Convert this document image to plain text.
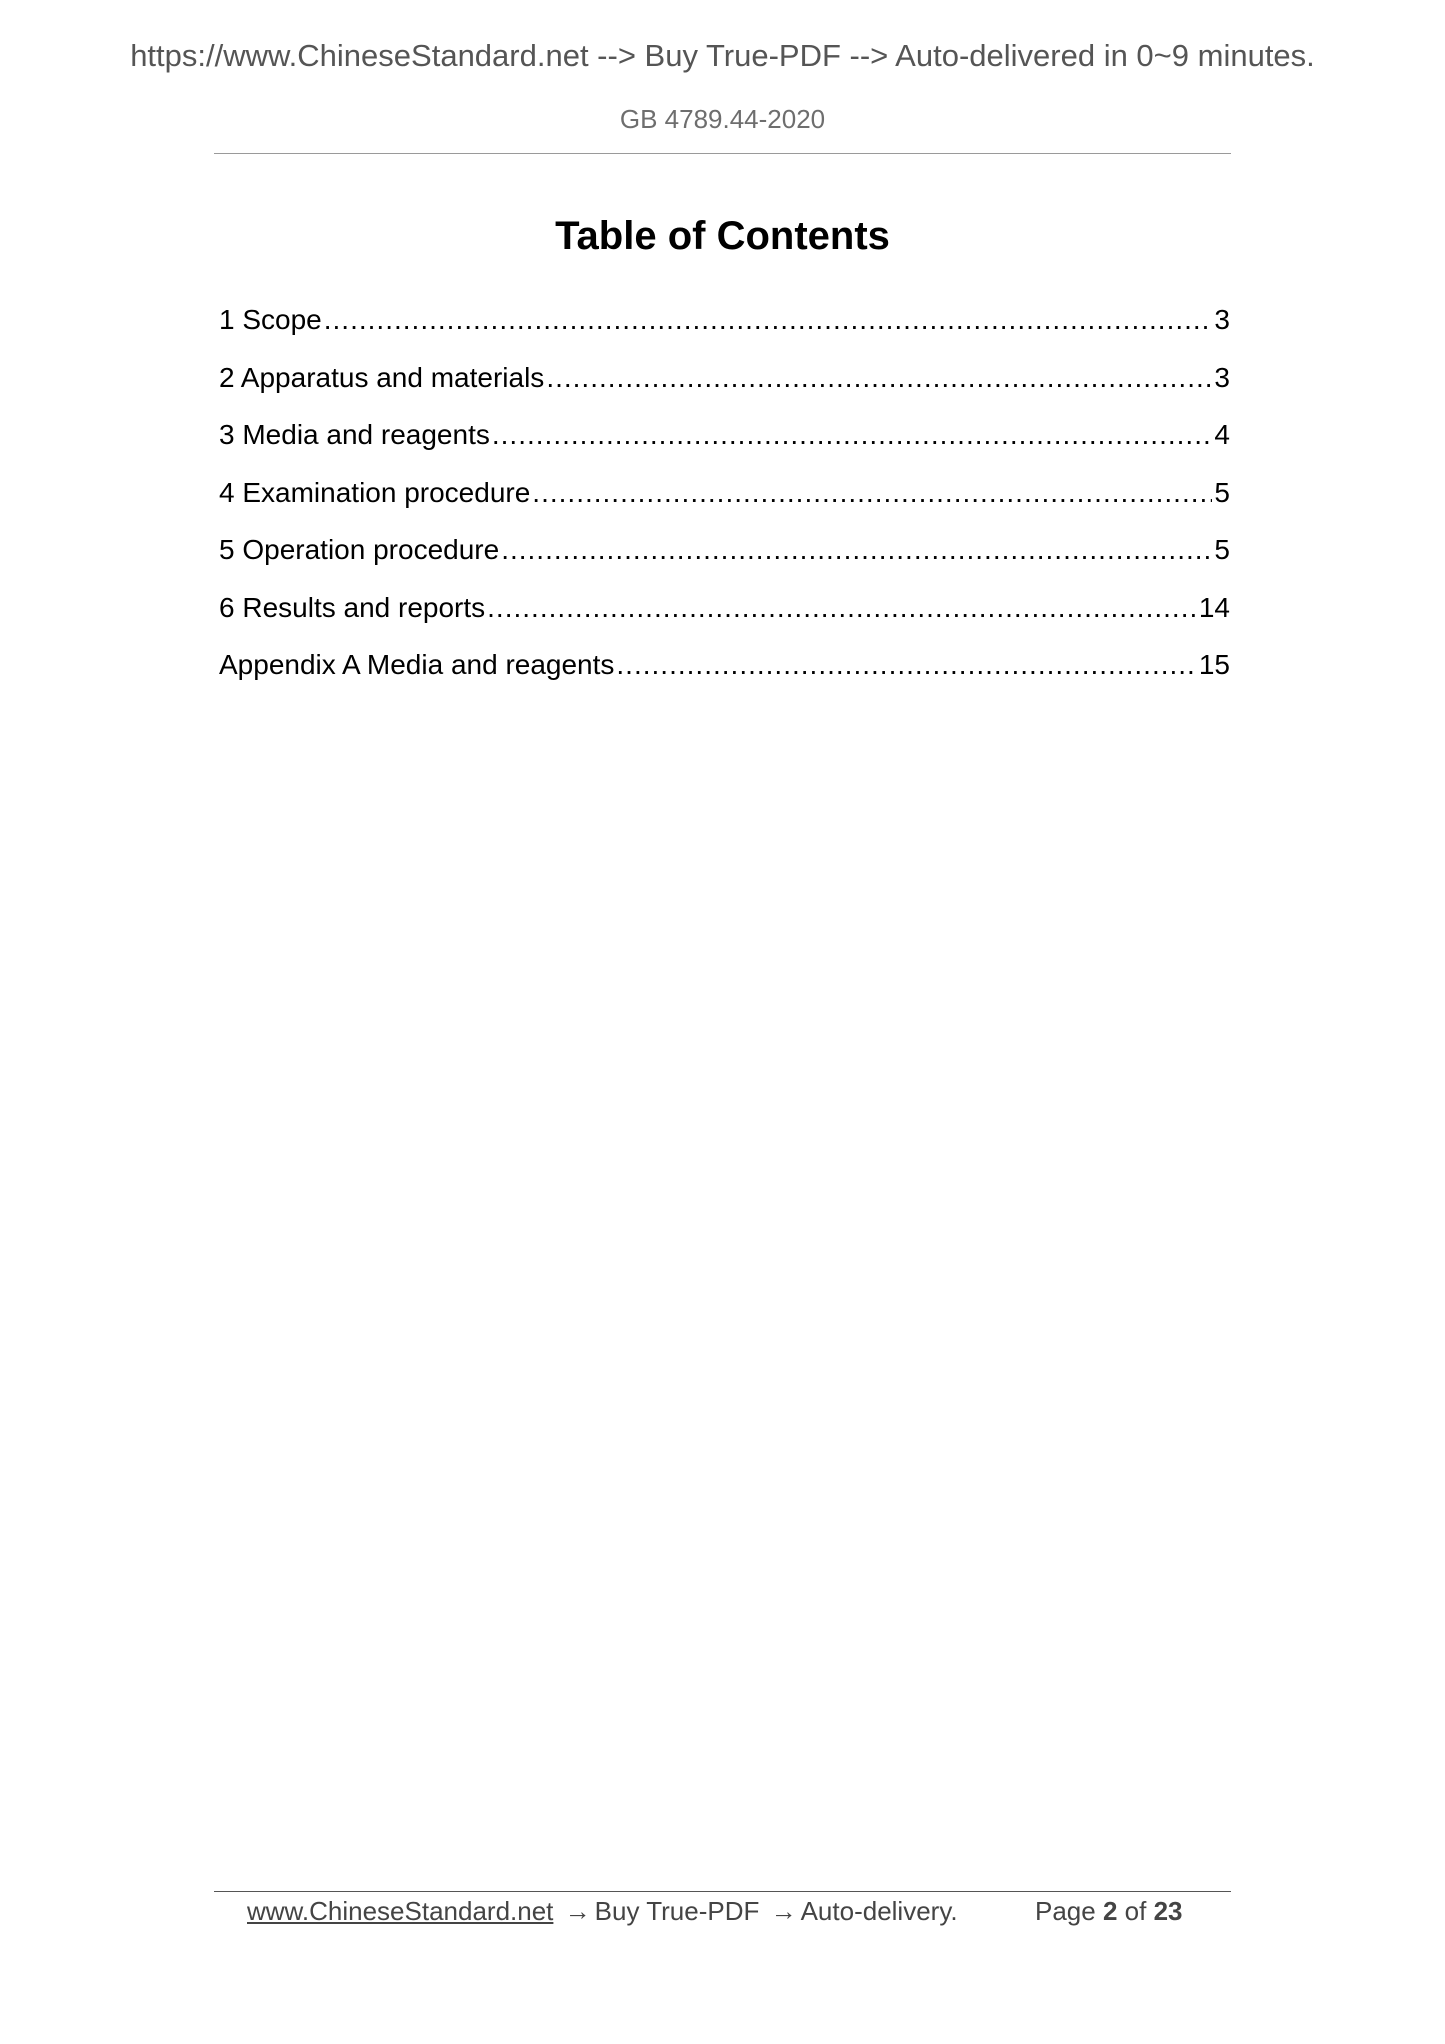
https://www.ChineseStandard.net --> Buy True-PDF --> Auto-delivered in 0~9 minutes.
GB 4789.44-2020
Table of Contents
1 Scope .....	3
2 Apparatus and materials .....	3
3 Media and reagents .....	4
4 Examination procedure .....	5
5 Operation procedure .....	5
6 Results and reports .....	14
Appendix A Media and reagents .....	15
www.ChineseStandard.net → Buy True-PDF → Auto-delivery.	Page 2 of 23
